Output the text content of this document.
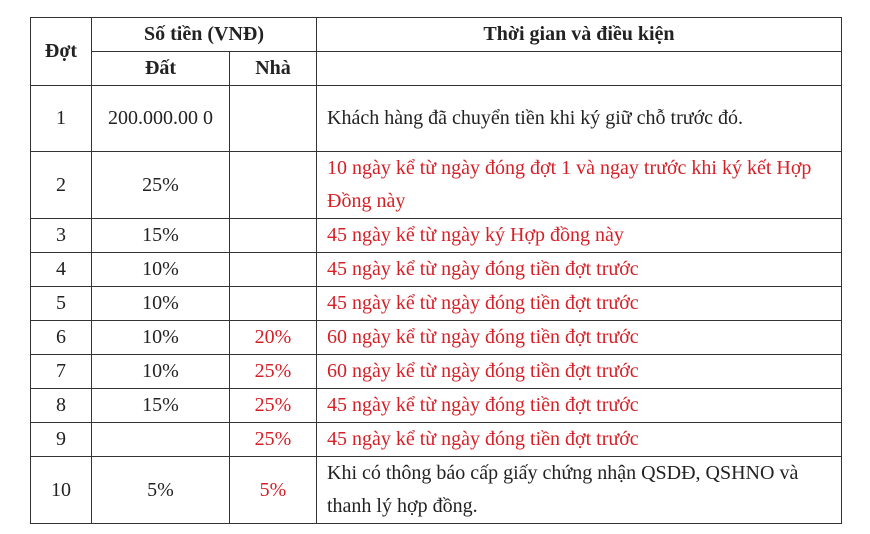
Đợt	Số tiền (VNĐ)		Thời gian và điều kiện
	Đất	Nhà	
1	200.000.00 0		Khách hàng đã chuyển tiền khi ký giữ chỗ trước đó.
2	25%		10 ngày kể từ ngày đóng đợt 1 và ngay trước khi ký kết Hợp Đồng này
3	15%		45 ngày kể từ ngày ký Hợp đồng này
4	10%		45 ngày kể từ ngày đóng tiền đợt trước
5	10%		45 ngày kể từ ngày đóng tiền đợt trước
6	10%	20%	60 ngày kể từ ngày đóng tiền đợt trước
7	10%	25%	60 ngày kể từ ngày đóng tiền đợt trước
8	15%	25%	45 ngày kể từ ngày đóng tiền đợt trước
9		25%	45 ngày kể từ ngày đóng tiền đợt trước
10	5%	5%	Khi có thông báo cấp giấy chứng nhận QSDĐ, QSHNO và thanh lý hợp đồng.
